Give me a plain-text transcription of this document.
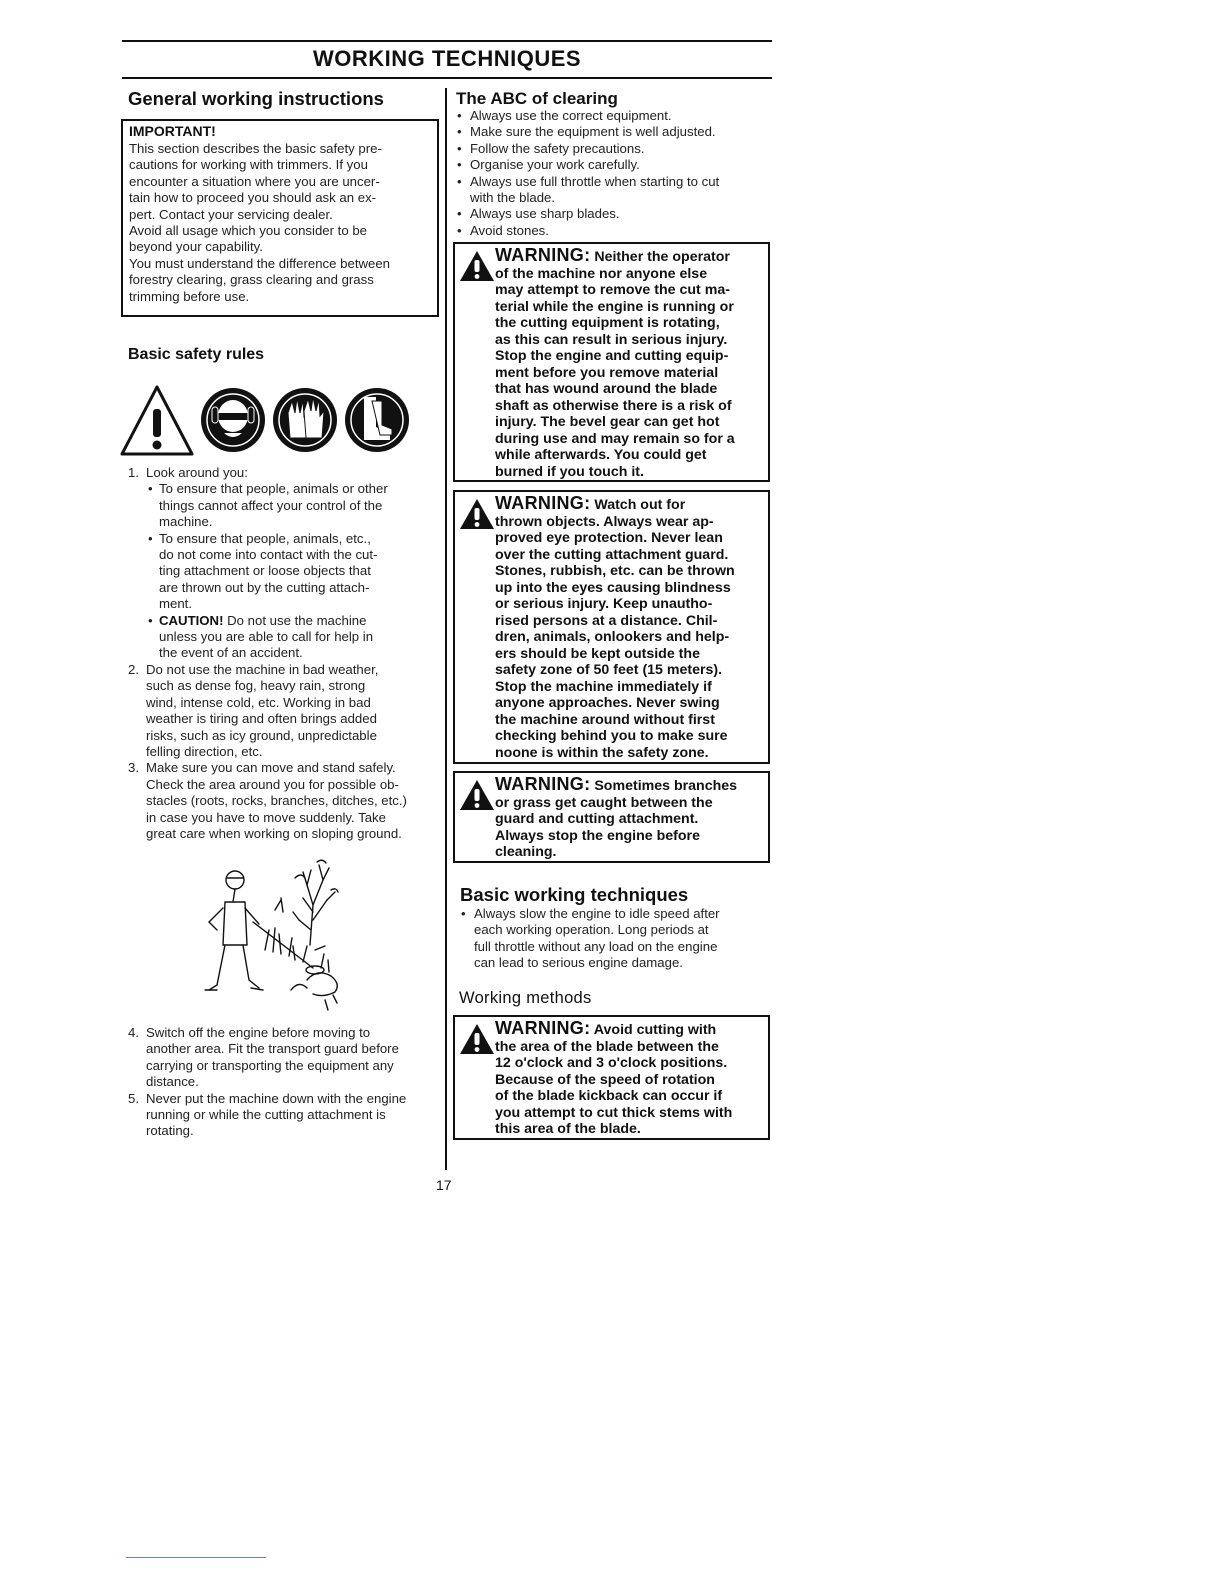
WORKING TECHNIQUES
General working instructions
IMPORTANT!
This section describes the basic safety pre-
cautions for working with trimmers. If you
encounter a situation where you are uncer-
tain how to proceed you should ask an ex-
pert. Contact your servicing dealer.
Avoid all usage which you consider to be
beyond your capability.
You must understand the difference between
forestry clearing, grass clearing and grass
trimming before use.
Basic safety rules
1. Look around you:
• To ensure that people, animals or other
things cannot affect your control of the
machine.
• To ensure that people, animals, etc.,
do not come into contact with the cut-
ting attachment or loose objects that
are thrown out by the cutting attach-
ment.
• CAUTION! Do not use the machine
unless you are able to call for help in
the event of an accident.
2. Do not use the machine in bad weather,
such as dense fog, heavy rain, strong
wind, intense cold, etc. Working in bad
weather is tiring and often brings added
risks, such as icy ground, unpredictable
felling direction, etc.
3. Make sure you can move and stand safely.
Check the area around you for possible ob-
stacles (roots, rocks, branches, ditches, etc.)
in case you have to move suddenly. Take
great care when working on sloping ground.
4. Switch off the engine before moving to
another area. Fit the transport guard before
carrying or transporting the equipment any
distance.
5. Never put the machine down with the engine
running or while the cutting attachment is
rotating.
The ABC of clearing
• Always use the correct equipment.
• Make sure the equipment is well adjusted.
• Follow the safety precautions.
• Organise your work carefully.
• Always use full throttle when starting to cut
with the blade.
• Always use sharp blades.
• Avoid stones.
WARNING: Neither the operator
of the machine nor anyone else
may attempt to remove the cut ma-
terial while the engine is running or
the cutting equipment is rotating,
as this can result in serious injury.
Stop the engine and cutting equip-
ment before you remove material
that has wound around the blade
shaft as otherwise there is a risk of
injury. The bevel gear can get hot
during use and may remain so for a
while afterwards. You could get
burned if you touch it.
WARNING: Watch out for
thrown objects. Always wear ap-
proved eye protection. Never lean
over the cutting attachment guard.
Stones, rubbish, etc. can be thrown
up into the eyes causing blindness
or serious injury. Keep unautho-
rised persons at a distance. Chil-
dren, animals, onlookers and help-
ers should be kept outside the
safety zone of 50 feet (15 meters).
Stop the machine immediately if
anyone approaches. Never swing
the machine around without first
checking behind you to make sure
noone is within the safety zone.
WARNING: Sometimes branches
or grass get caught between the
guard and cutting attachment.
Always stop the engine before
cleaning.
Basic working techniques
• Always slow the engine to idle speed after
each working operation. Long periods at
full throttle without any load on the engine
can lead to serious engine damage.
Working methods
WARNING: Avoid cutting with
the area of the blade between the
12 o'clock and 3 o'clock positions.
Because of the speed of rotation
of the blade kickback can occur if
you attempt to cut thick stems with
this area of the blade.
17
